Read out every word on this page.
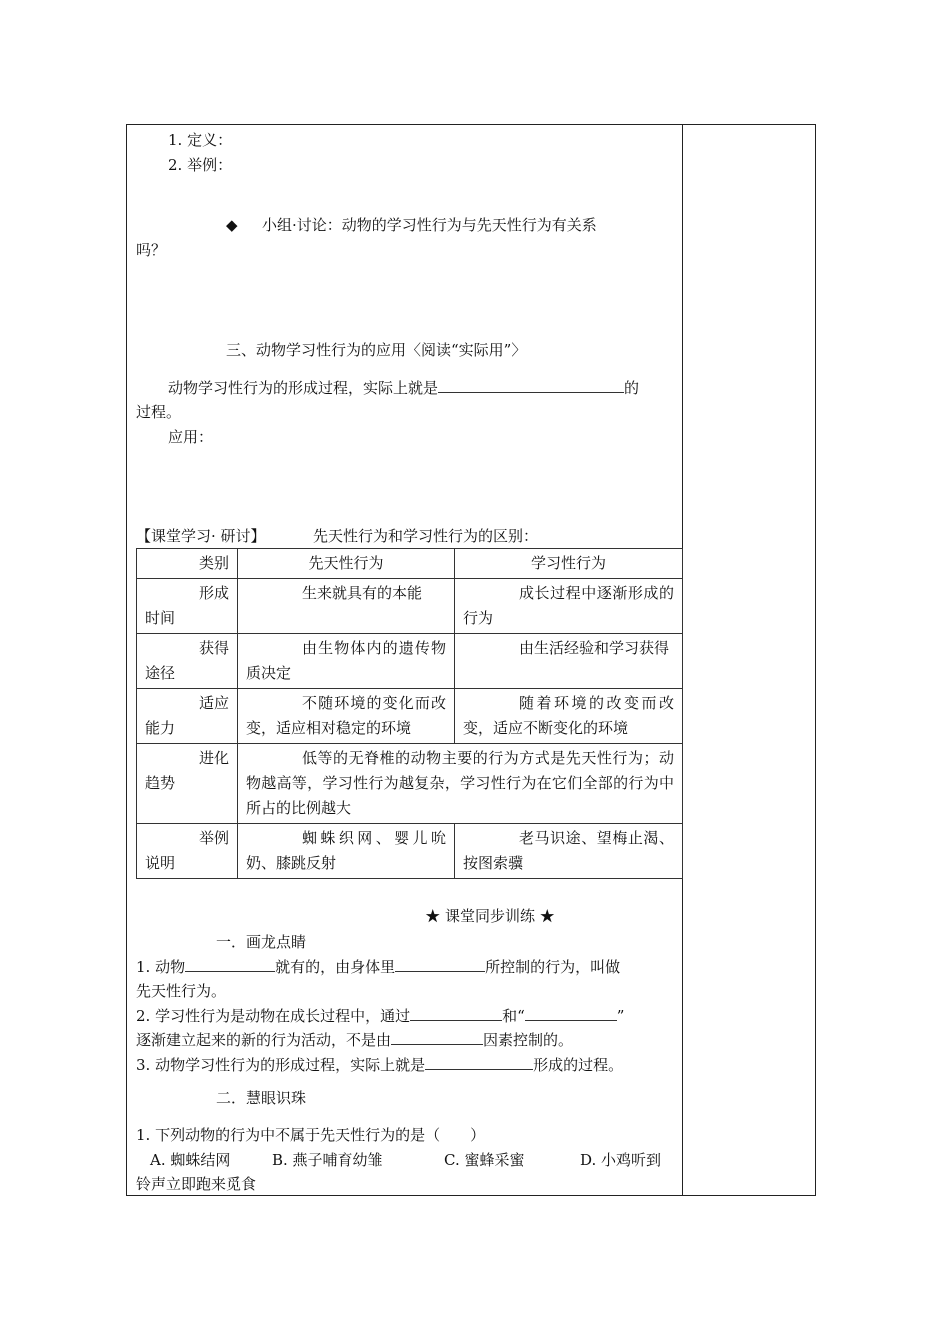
1. 定义：
2. 举例：
◆ 小组·讨论：动物的学习性行为与先天性行为有关系
吗？
三、动物学习性行为的应用〈阅读“实际用”〉
动物学习性行为的形成过程，实际上就是	的
过程。
应用：
【课堂学习· 研讨】	先天性行为和学习性行为的区别：
类别	先天性行为	学习性行为
形成时间	生来就具有的本能	成长过程中逐渐形成的行为
获得途径	由生物体内的遗传物质决定	由生活经验和学习获得
适应能力	不随环境的变化而改变，适应相对稳定的环境	随着环境的改变而改变，适应不断变化的环境
进化趋势	低等的无脊椎的动物主要的行为方式是先天性行为；动物越高等，学习性行为越复杂，学习性行为在它们全部的行为中所占的比例越大	
举例说明	蜘蛛织网、婴儿吮奶、膝跳反射	老马识途、望梅止渴、按图索骥
★ 课堂同步训练 ★
一．画龙点睛
1. 动物	就有的，由身体里	所控制的行为，叫做
先天性行为。
2. 学习性行为是动物在成长过程中，通过	和“	”
逐渐建立起来的新的行为活动，不是由	因素控制的。
3. 动物学习性行为的形成过程，实际上就是	形成的过程。
二．慧眼识珠
1. 下列动物的行为中不属于先天性行为的是（　　）
A. 蜘蛛结网	B. 燕子哺育幼雏	C. 蜜蜂采蜜	D. 小鸡听到
铃声立即跑来觅食
